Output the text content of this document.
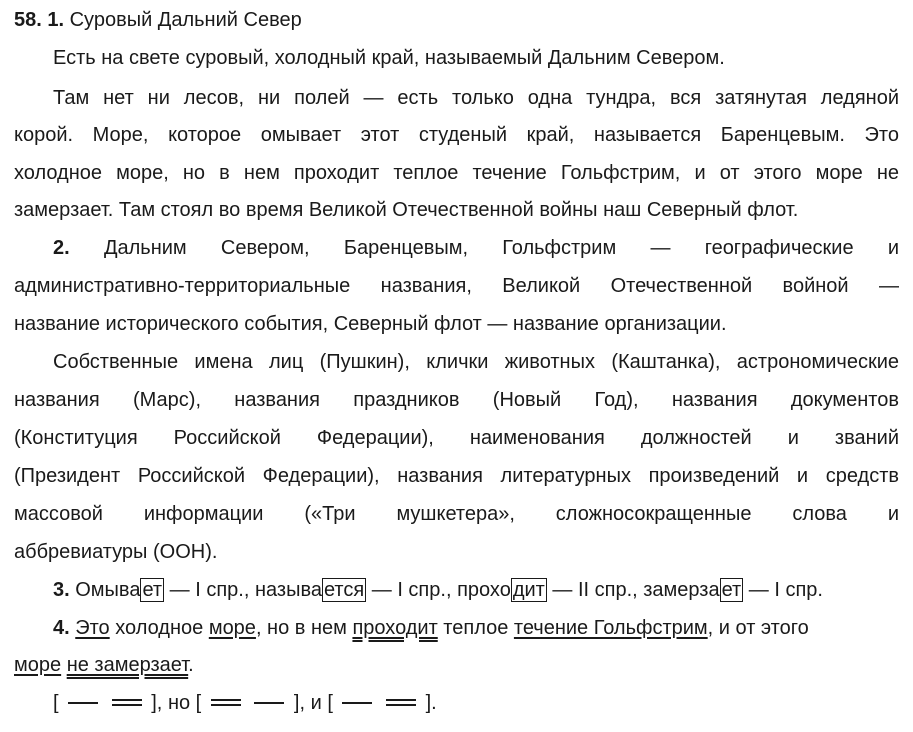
58. 1. Суровый Дальний Север
Есть на свете суровый, холодный край, называемый Дальним Севером.
Там нет ни лесов, ни полей — есть только одна тундра, вся затянутая ледяной
корой. Море, которое омывает этот студеный край, называется Баренцевым. Это
холодное море, но в нем проходит теплое течение Гольфстрим, и от этого море не
замерзает. Там стоял во время Великой Отечественной войны наш Северный флот.
2. Дальним Севером, Баренцевым, Гольфстрим — географические и
административно-территориальные названия, Великой Отечественной войной —
название исторического события, Северный флот — название организации.
Собственные имена лиц (Пушкин), клички животных (Каштанка), астрономические
названия (Марс), названия праздников (Новый Год), названия документов
(Конституция Российской Федерации), наименования должностей и званий
(Президент Российской Федерации), названия литературных произведений и средств
массовой информации («Три мушкетера», сложносокращенные слова и
аббревиатуры (ООН).
3. Омыва ет — I спр., называ ется — I спр., прохо дит — II спр., замерза ет — I спр.
4. Это холодное море, но в нем проходит теплое течение Гольфстрим, и от этого
море не замерзает.
[	], но [	], и [	].
